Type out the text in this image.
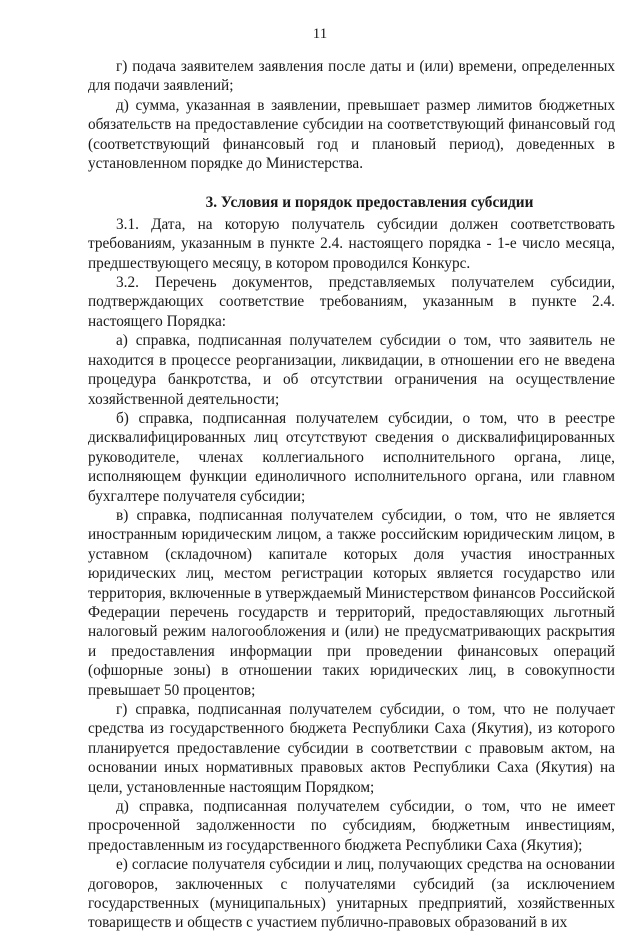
11

г) подача заявителем заявления после даты и (или) времени, определенных для подачи заявлений;

д) сумма, указанная в заявлении, превышает размер лимитов бюджетных обязательств на предоставление субсидии на соответствующий финансовый год (соответствующий финансовый год и плановый период), доведенных в установленном порядке до Министерства.

3. Условия и порядок предоставления субсидии

3.1. Дата, на которую получатель субсидии должен соответствовать требованиям, указанным в пункте 2.4. настоящего порядка - 1-е число месяца, предшествующего месяцу, в котором проводился Конкурс.

3.2. Перечень документов, представляемых получателем субсидии, подтверждающих соответствие требованиям, указанным в пункте 2.4. настоящего Порядка:

а) справка, подписанная получателем субсидии о том, что заявитель не находится в процессе реорганизации, ликвидации, в отношении его не введена процедура банкротства, и об отсутствии ограничения на осуществление хозяйственной деятельности;

б) справка, подписанная получателем субсидии, о том, что в реестре дисквалифицированных лиц отсутствуют сведения о дисквалифицированных руководителе, членах коллегиального исполнительного органа, лице, исполняющем функции единоличного исполнительного органа, или главном бухгалтере получателя субсидии;

в) справка, подписанная получателем субсидии, о том, что не является иностранным юридическим лицом, а также российским юридическим лицом, в уставном (складочном) капитале которых доля участия иностранных юридических лиц, местом регистрации которых является государство или территория, включенные в утверждаемый Министерством финансов Российской Федерации перечень государств и территорий, предоставляющих льготный налоговый режим налогообложения и (или) не предусматривающих раскрытия и предоставления информации при проведении финансовых операций (офшорные зоны) в отношении таких юридических лиц, в совокупности превышает 50 процентов;

г) справка, подписанная получателем субсидии, о том, что не получает средства из государственного бюджета Республики Саха (Якутия), из которого планируется предоставление субсидии в соответствии с правовым актом, на основании иных нормативных правовых актов Республики Саха (Якутия) на цели, установленные настоящим Порядком;

д) справка, подписанная получателем субсидии, о том, что не имеет просроченной задолженности по субсидиям, бюджетным инвестициям, предоставленным из государственного бюджета Республики Саха (Якутия);

е) согласие получателя субсидии и лиц, получающих средства на основании договоров, заключенных с получателями субсидий (за исключением государственных (муниципальных) унитарных предприятий, хозяйственных товариществ и обществ с участием публично-правовых образований в их
